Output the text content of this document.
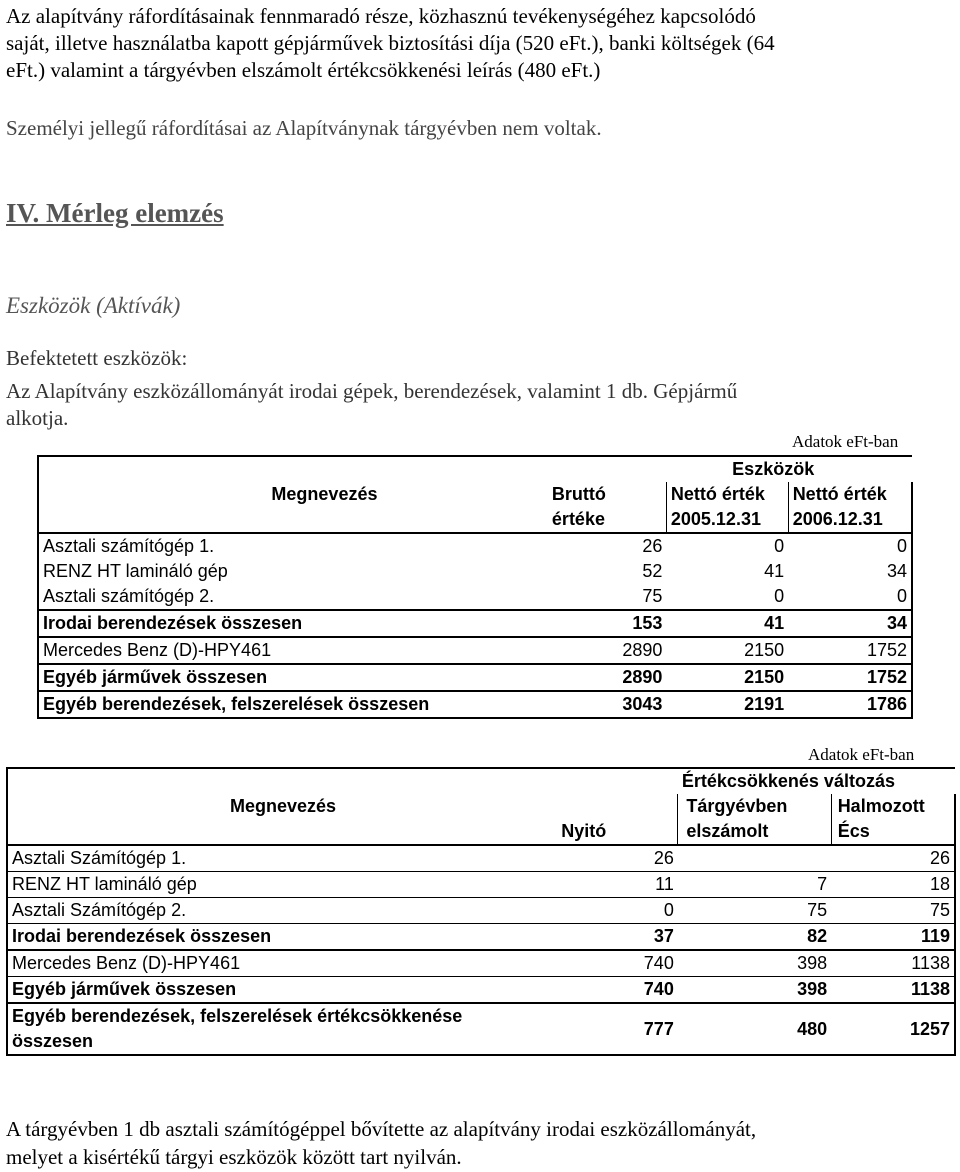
Az alapítvány ráfordításainak fennmaradó része, közhasznú tevékenységéhez kapcsolódó
saját, illetve használatba kapott gépjárművek biztosítási díja (520 eFt.), banki költségek (64
eFt.) valamint a tárgyévben elszámolt értékcsökkenési leírás (480 eFt.)
Személyi jellegű ráfordításai az Alapítványnak tárgyévben nem voltak.
IV. Mérleg elemzés
Eszközök (Aktívák)
Befektetett eszközök:
Az Alapítvány eszközállományát irodai gépek, berendezések, valamint 1 db. Gépjármű
alkotja.
Adatok eFt-ban
		Eszközök	
Megnevezés	Bruttó	Nettó érték	Nettó érték
	értéke	2005.12.31	2006.12.31
Asztali számítógép 1.	26	0	0
RENZ HT lamináló gép	52	41	34
Asztali számítógép 2.	75	0	0
Irodai berendezések összesen	153	41	34
Mercedes Benz (D)-HPY461	2890	2150	1752
Egyéb járművek összesen	2890	2150	1752
Egyéb berendezések, felszerelések összesen	3043	2191	1786
Adatok eFt-ban
		Értékcsökkenés változás	
Megnevezés		Tárgyévben	Halmozott
	Nyitó	elszámolt	Écs
Asztali Számítógép 1.	26		26
RENZ HT lamináló gép	11	7	18
Asztali Számítógép 2.	0	75	75
Irodai berendezések összesen	37	82	119
Mercedes Benz (D)-HPY461	740	398	1138
Egyéb járművek összesen	740	398	1138

Egyéb berendezések, felszerelések értékcsökkenése
összesen	777	480	1257
A tárgyévben 1 db asztali számítógéppel bővítette az alapítvány irodai eszközállományát,
melyet a kisértékű tárgyi eszközök között tart nyilván.
